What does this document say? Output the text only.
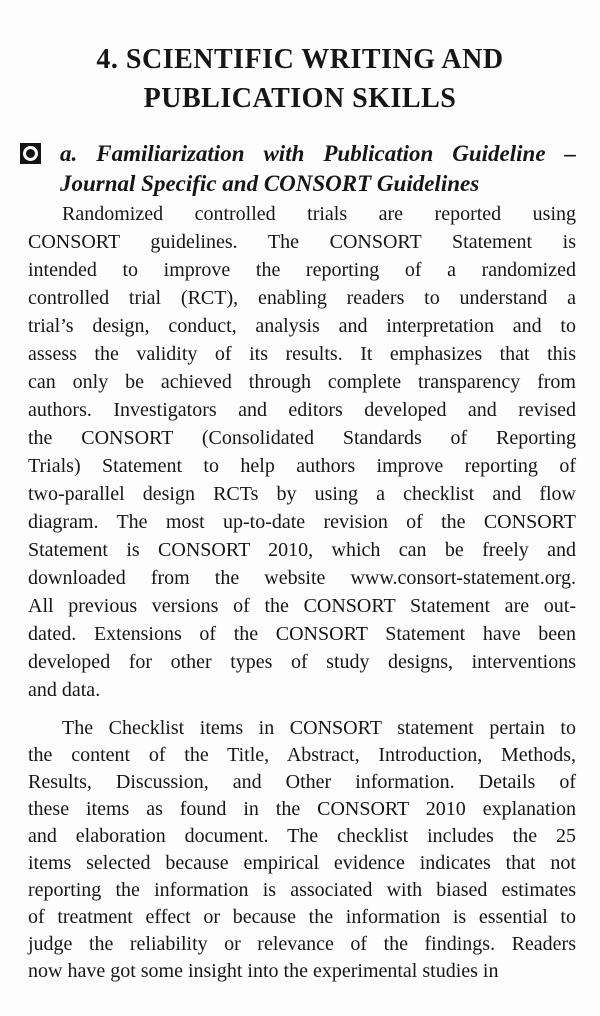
4. SCIENTIFIC WRITING AND
PUBLICATION SKILLS
a. Familiarization with Publication Guideline –
Journal Specific and CONSORT Guidelines
Randomized controlled trials are reported using
CONSORT guidelines. The CONSORT Statement is
intended to improve the reporting of a randomized
controlled trial (RCT), enabling readers to understand a
trial’s design, conduct, analysis and interpretation and to
assess the validity of its results. It emphasizes that this
can only be achieved through complete transparency from
authors. Investigators and editors developed and revised
the CONSORT (Consolidated Standards of Reporting
Trials) Statement to help authors improve reporting of
two-parallel design RCTs by using a checklist and flow
diagram. The most up-to-date revision of the CONSORT
Statement is CONSORT 2010, which can be freely and
downloaded from the website www.consort-statement.org.
All previous versions of the CONSORT Statement are out-
dated. Extensions of the CONSORT Statement have been
developed for other types of study designs, interventions
and data.
The Checklist items in CONSORT statement pertain to
the content of the Title, Abstract, Introduction, Methods,
Results, Discussion, and Other information. Details of
these items as found in the CONSORT 2010 explanation
and elaboration document. The checklist includes the 25
items selected because empirical evidence indicates that not
reporting the information is associated with biased estimates
of treatment effect or because the information is essential to
judge the reliability or relevance of the findings. Readers
now have got some insight into the experimental studies in
